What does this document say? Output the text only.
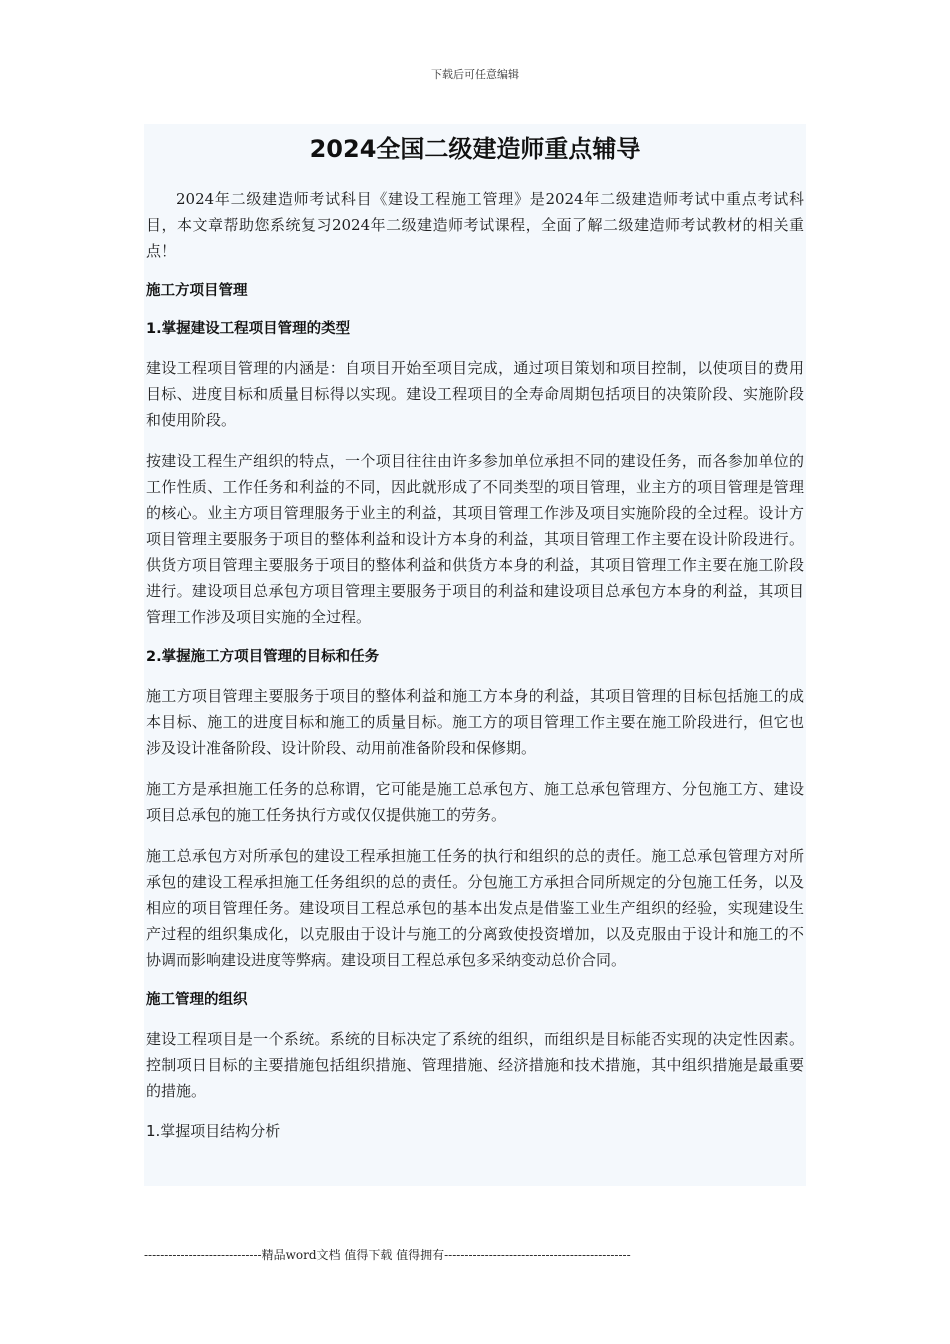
下载后可任意编辑
2024全国二级建造师重点辅导

2024年二级建造师考试科目《建设工程施工管理》是2024年二级建造师考试中重点考试科目，本文章帮助您系统复习2024年二级建造师考试课程，全面了解二级建造师考试教材的相关重点！

施工方项目管理
1.掌握建设工程项目管理的类型

建设工程项目管理的内涵是：自项目开始至项目完成，通过项目策划和项目控制，以使项目的费用目标、进度目标和质量目标得以实现。建设工程项目的全寿命周期包括项目的决策阶段、实施阶段和使用阶段。

按建设工程生产组织的特点，一个项目往往由许多参加单位承担不同的建设任务，而各参加单位的工作性质、工作任务和利益的不同，因此就形成了不同类型的项目管理，业主方的项目管理是管理的核心。业主方项目管理服务于业主的利益，其项目管理工作涉及项目实施阶段的全过程。设计方项目管理主要服务于项目的整体利益和设计方本身的利益，其项目管理工作主要在设计阶段进行。供货方项目管理主要服务于项目的整体利益和供货方本身的利益，其项目管理工作主要在施工阶段进行。建设项目总承包方项目管理主要服务于项目的利益和建设项目总承包方本身的利益，其项目管理工作涉及项目实施的全过程。

2.掌握施工方项目管理的目标和任务

施工方项目管理主要服务于项目的整体利益和施工方本身的利益，其项目管理的目标包括施工的成本目标、施工的进度目标和施工的质量目标。施工方的项目管理工作主要在施工阶段进行，但它也涉及设计准备阶段、设计阶段、动用前准备阶段和保修期。

施工方是承担施工任务的总称谓，它可能是施工总承包方、施工总承包管理方、分包施工方、建设项目总承包的施工任务执行方或仅仅提供施工的劳务。

施工总承包方对所承包的建设工程承担施工任务的执行和组织的总的责任。施工总承包管理方对所承包的建设工程承担施工任务组织的总的责任。分包施工方承担合同所规定的分包施工任务，以及相应的项目管理任务。建设项目工程总承包的基本出发点是借鉴工业生产组织的经验，实现建设生产过程的组织集成化，以克服由于设计与施工的分离致使投资增加，以及克服由于设计和施工的不协调而影响建设进度等弊病。建设项目工程总承包多采纳变动总价合同。

施工管理的组织

建设工程项目是一个系统。系统的目标决定了系统的组织，而组织是目标能否实现的决定性因素。控制项日目标的主要措施包括组织措施、管理措施、经济措施和技术措施，其中组织措施是最重要的措施。

1.掌握项目结构分析
-----------------------------精品word文档 值得下载 值得拥有----------------------------------------------
